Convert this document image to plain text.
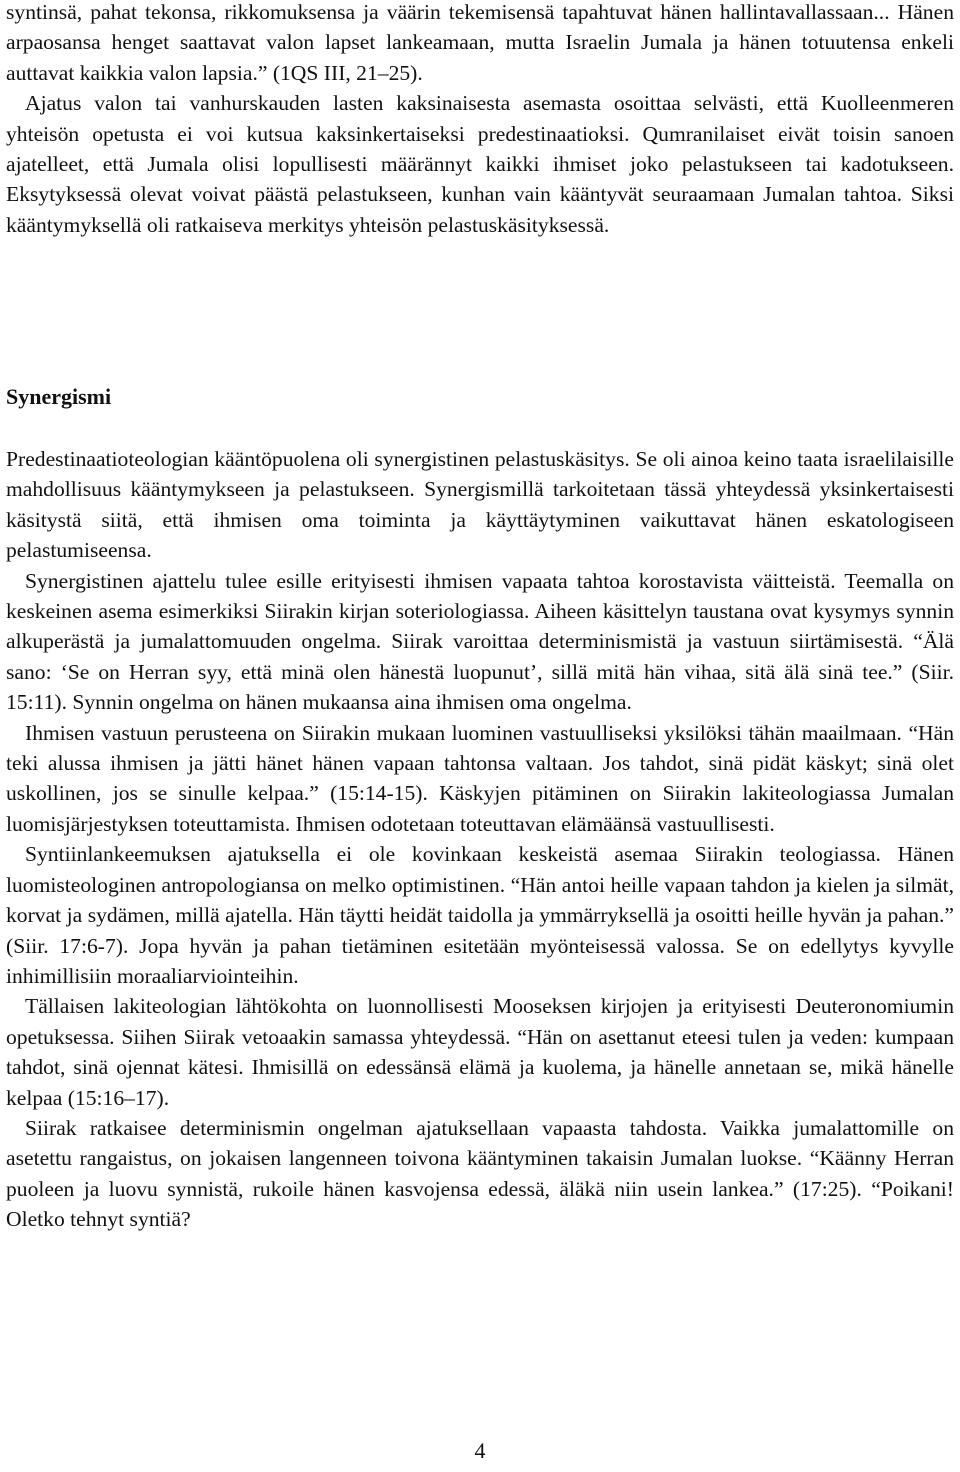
syntinsä, pahat tekonsa, rikkomuksensa ja väärin tekemisensä tapahtuvat hänen hallintavallassaan... Hänen arpaosansa henget saattavat valon lapset lankeamaan, mutta Israelin Jumala ja hänen totuutensa enkeli auttavat kaikkia valon lapsia.” (1QS III, 21‒25).

Ajatus valon tai vanhurskauden lasten kaksinaisesta asemasta osoittaa selvästi, että Kuolleenmeren yhteisön opetusta ei voi kutsua kaksinkertaiseksi predestinaatioksi. Qumranilaiset eivät toisin sanoen ajatelleet, että Jumala olisi lopullisesti määrännyt kaikki ihmiset joko pelastukseen tai kadotukseen. Eksytyksessä olevat voivat päästä pelastukseen, kunhan vain kääntyvät seuraamaan Jumalan tahtoa. Siksi kääntymyksellä oli ratkaiseva merkitys yhteisön pelastuskäsityksessä.

Synergismi

Predestinaatioteologian kääntöpuolena oli synergistinen pelastuskäsitys. Se oli ainoa keino taata israelilaisille mahdollisuus kääntymykseen ja pelastukseen. Synergismillä tarkoitetaan tässä yhteydessä yksinkertaisesti käsitystä siitä, että ihmisen oma toiminta ja käyttäytyminen vaikuttavat hänen eskatologiseen pelastumiseensa.

Synergistinen ajattelu tulee esille erityisesti ihmisen vapaata tahtoa korostavista väitteistä. Teemalla on keskeinen asema esimerkiksi Siirakin kirjan soteriologiassa. Aiheen käsittelyn taustana ovat kysymys synnin alkuperästä ja jumalattomuuden ongelma. Siirak varoittaa determinismistä ja vastuun siirtämisestä. “Älä sano: ‘Se on Herran syy, että minä olen hänestä luopunut’, sillä mitä hän vihaa, sitä älä sinä tee.” (Siir. 15:11). Synnin ongelma on hänen mukaansa aina ihmisen oma ongelma.

Ihmisen vastuun perusteena on Siirakin mukaan luominen vastuulliseksi yksilöksi tähän maailmaan. “Hän teki alussa ihmisen ja jätti hänet hänen vapaan tahtonsa valtaan. Jos tahdot, sinä pidät käskyt; sinä olet uskollinen, jos se sinulle kelpaa.” (15:14-15). Käskyjen pitäminen on Siirakin lakiteologiassa Jumalan luomisjärjestyksen toteuttamista. Ihmisen odotetaan toteuttavan elämäänsä vastuullisesti.

Syntiinlankeemuksen ajatuksella ei ole kovinkaan keskeistä asemaa Siirakin teologiassa. Hänen luomisteologinen antropologiansa on melko optimistinen. “Hän antoi heille vapaan tahdon ja kielen ja silmät, korvat ja sydämen, millä ajatella. Hän täytti heidät taidolla ja ymmärryksellä ja osoitti heille hyvän ja pahan.” (Siir. 17:6-7). Jopa hyvän ja pahan tietäminen esitetään myönteisessä valossa. Se on edellytys kyvylle inhimillisiin moraaliarviointeihin.

Tällaisen lakiteologian lähtökohta on luonnollisesti Mooseksen kirjojen ja erityisesti Deuteronomiumin opetuksessa. Siihen Siirak vetoaakin samassa yhteydessä. “Hän on asettanut eteesi tulen ja veden: kumpaan tahdot, sinä ojennat kätesi. Ihmisillä on edessänsä elämä ja kuolema, ja hänelle annetaan se, mikä hänelle kelpaa (15:16‒17).

Siirak ratkaisee determinismin ongelman ajatuksellaan vapaasta tahdosta. Vaikka jumalattomille on asetettu rangaistus, on jokaisen langenneen toivona kääntyminen takaisin Jumalan luokse. “Käänny Herran puoleen ja luovu synnistä, rukoile hänen kasvojensa edessä, äläkä niin usein lankea.” (17:25). “Poikani! Oletko tehnyt syntiä?

4
